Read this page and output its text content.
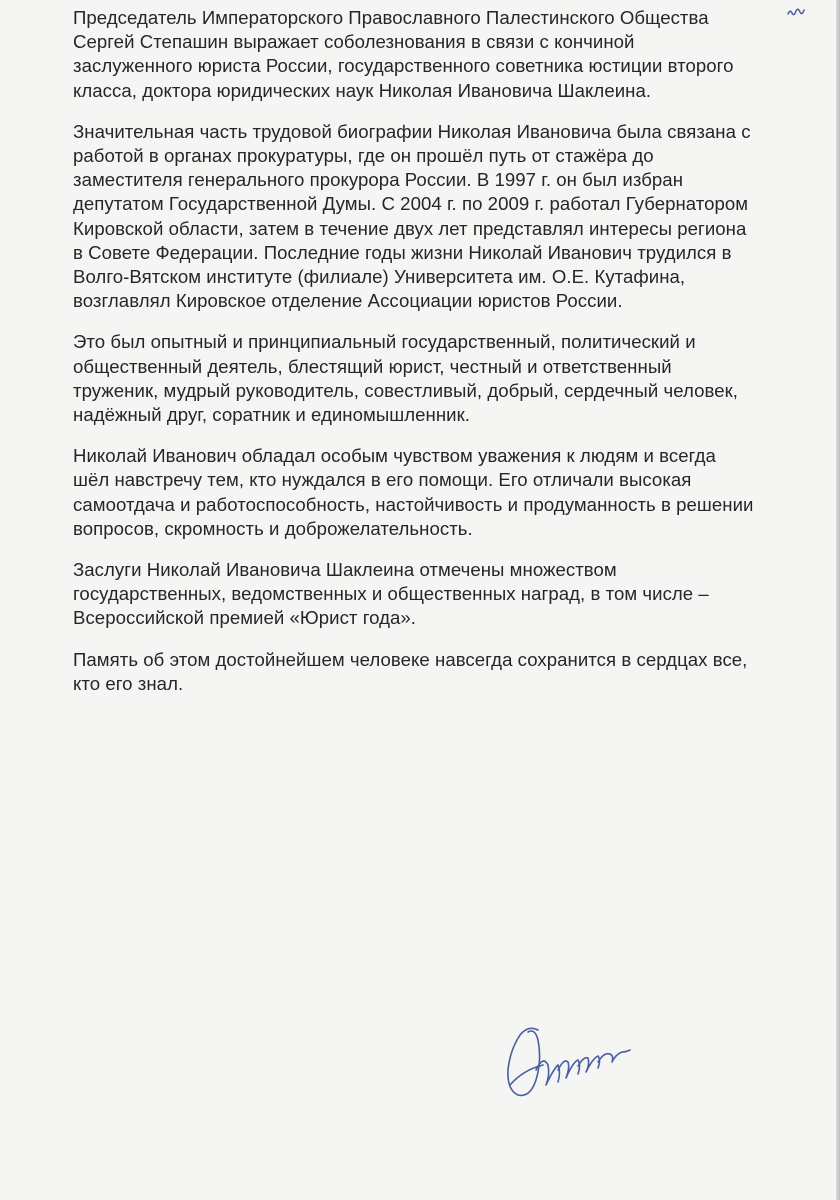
Председатель Императорского Православного Палестинского Общества
Сергей Степашин выражает соболезнования в связи с кончиной
заслуженного юриста России, государственного советника юстиции второго
класса, доктора юридических наук Николая Ивановича Шаклеина.

Значительная часть трудовой биографии Николая Ивановича была связана с
работой в органах прокуратуры, где он прошёл путь от стажёра до
заместителя генерального прокурора России. В 1997 г. он был избран
депутатом Государственной Думы. С 2004 г. по 2009 г. работал Губернатором
Кировской области, затем в течение двух лет представлял интересы региона
в Совете Федерации. Последние годы жизни Николай Иванович трудился в
Волго-Вятском институте (филиале) Университета им. О.Е. Кутафина,
возглавлял Кировское отделение Ассоциации юристов России.

Это был опытный и принципиальный государственный, политический и
общественный деятель, блестящий юрист, честный и ответственный
труженик, мудрый руководитель, совестливый, добрый, сердечный человек,
надёжный друг, соратник и единомышленник.

Николай Иванович обладал особым чувством уважения к людям и всегда
шёл навстречу тем, кто нуждался в его помощи. Его отличали высокая
самоотдача и работоспособность, настойчивость и продуманность в решении
вопросов, скромность и доброжелательность.

Заслуги Николай Ивановича Шаклеина отмечены множеством
государственных, ведомственных и общественных наград, в том числе –
Всероссийской премией «Юрист года».

Память об этом достойнейшем человеке навсегда сохранится в сердцах все,
кто его знал.
